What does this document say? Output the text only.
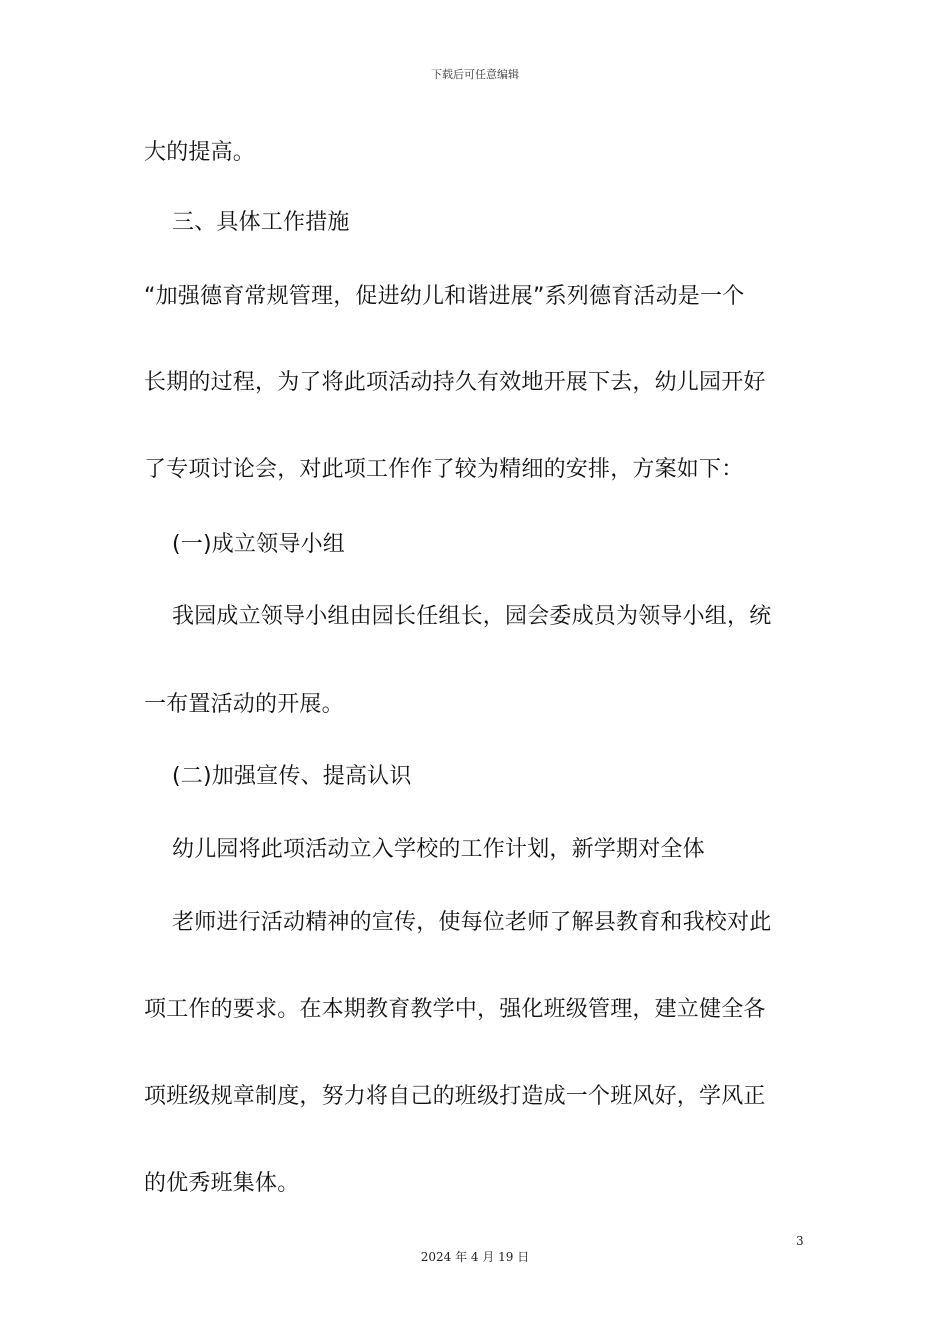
下载后可任意编辑
大的提高。
三、具体工作措施
“加强德育常规管理，促进幼儿和谐进展”系列德育活动是一个
长期的过程，为了将此项活动持久有效地开展下去，幼儿园开好
了专项讨论会，对此项工作作了较为精细的安排，方案如下：
(一)成立领导小组
我园成立领导小组由园长任组长，园会委成员为领导小组，统
一布置活动的开展。
(二)加强宣传、提高认识
幼儿园将此项活动立入学校的工作计划，新学期对全体
老师进行活动精神的宣传，使每位老师了解县教育和我校对此
项工作的要求。在本期教育教学中，强化班级管理，建立健全各
项班级规章制度，努力将自己的班级打造成一个班风好，学风正
的优秀班集体。
3
2024 年 4 月 19 日
